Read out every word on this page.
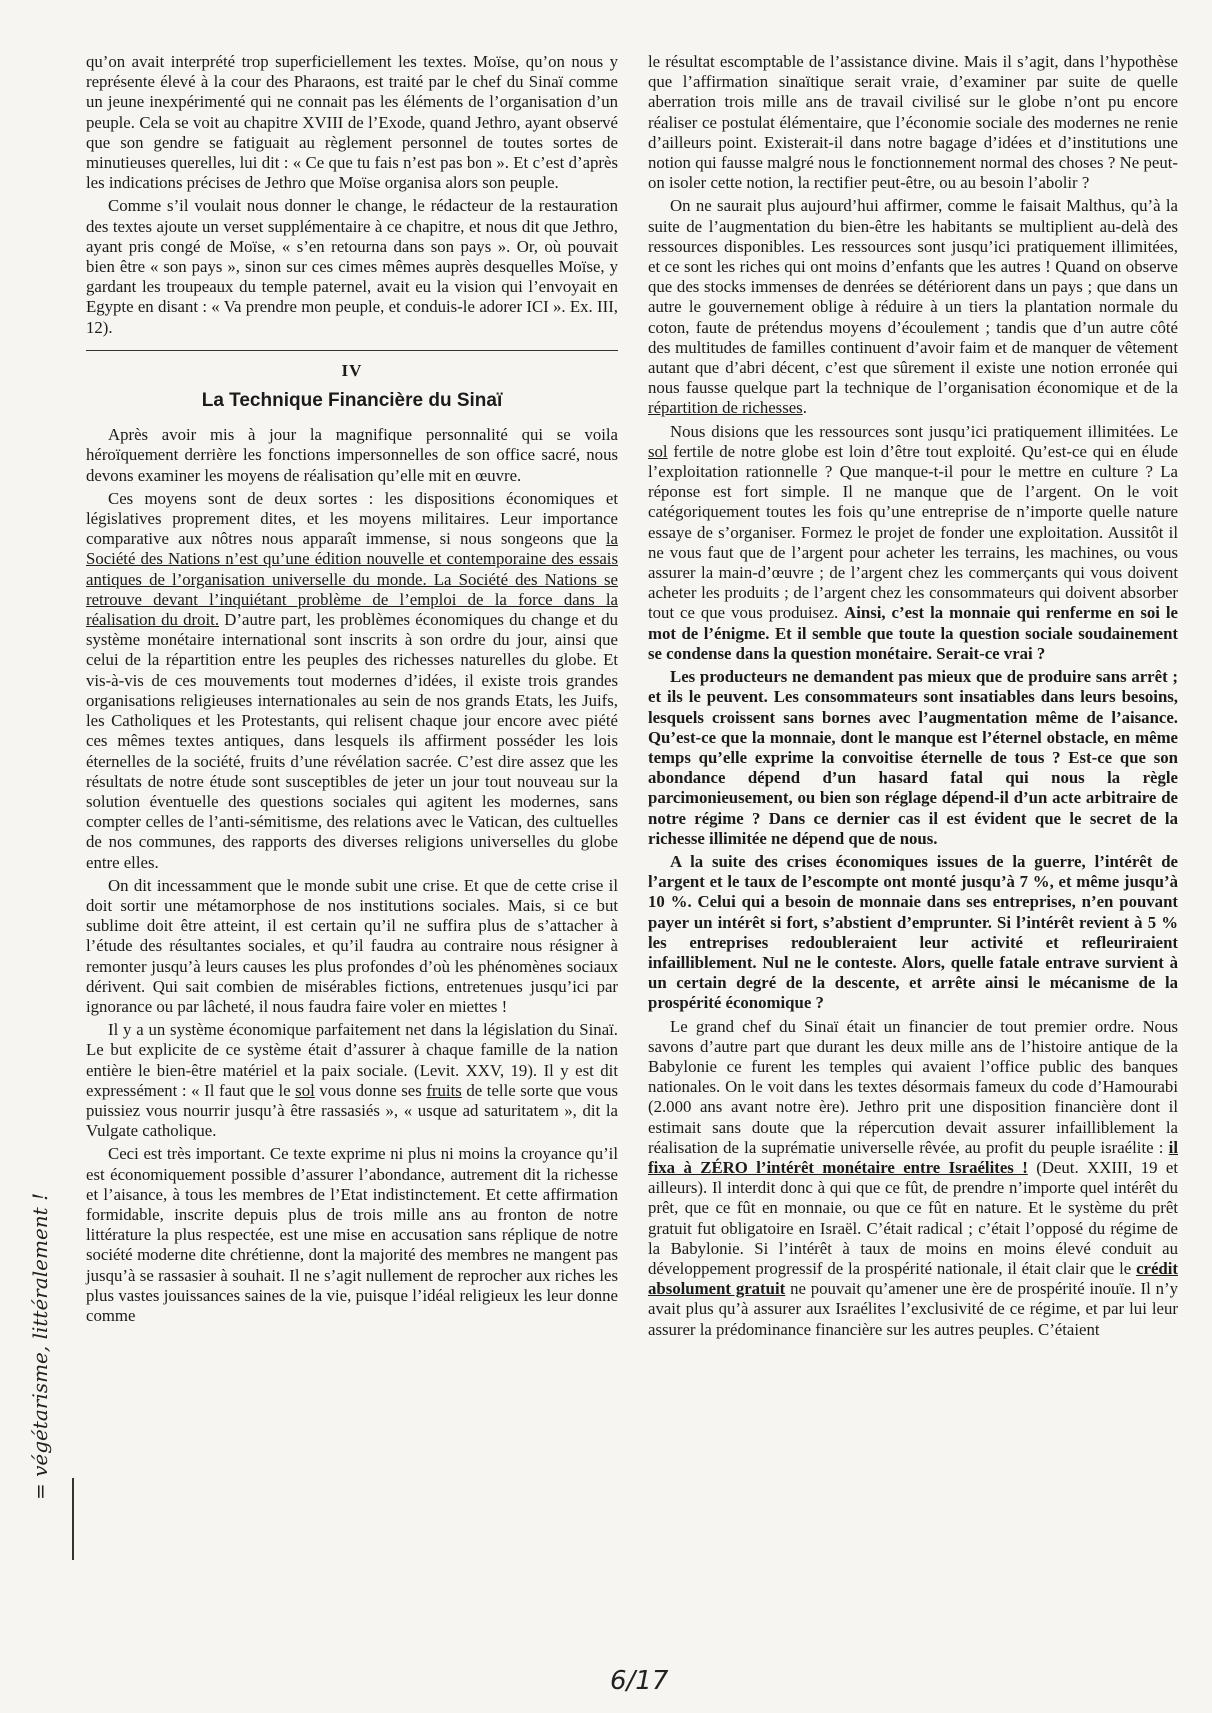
qu’on avait interprété trop superficiellement les textes. Moïse, qu’on nous y représente élevé à la cour des Pharaons, est traité par le chef du Sinaï comme un jeune inexpérimenté qui ne connait pas les éléments de l’organisation d’un peuple. Cela se voit au chapitre XVIII de l’Exode, quand Jethro, ayant observé que son gendre se fatiguait au règlement personnel de toutes sortes de minutieuses querelles, lui dit : « Ce que tu fais n’est pas bon ». Et c’est d’après les indications précises de Jethro que Moïse organisa alors son peuple.

Comme s’il voulait nous donner le change, le rédacteur de la restauration des textes ajoute un verset supplémentaire à ce chapitre, et nous dit que Jethro, ayant pris congé de Moïse, « s’en retourna dans son pays ». Or, où pouvait bien être « son pays », sinon sur ces cimes mêmes auprès desquelles Moïse, y gardant les troupeaux du temple paternel, avait eu la vision qui l’envoyait en Egypte en disant : « Va prendre mon peuple, et conduis-le adorer ICI ». Ex. III, 12).

IV
La Technique Financière du Sinaï

Après avoir mis à jour la magnifique personnalité qui se voila héroïquement derrière les fonctions impersonnelles de son office sacré, nous devons examiner les moyens de réalisation qu’elle mit en œuvre.

Ces moyens sont de deux sortes : les dispositions économiques et législatives proprement dites, et les moyens militaires. Leur importance comparative aux nôtres nous apparaît immense, si nous songeons que la Société des Nations n’est qu’une édition nouvelle et contemporaine des essais antiques de l’organisation universelle du monde. La Société des Nations se retrouve devant l’inquiétant problème de l’emploi de la force dans la réalisation du droit. D’autre part, les problèmes économiques du change et du système monétaire international sont inscrits à son ordre du jour, ainsi que celui de la répartition entre les peuples des richesses naturelles du globe. Et vis-à-vis de ces mouvements tout modernes d’idées, il existe trois grandes organisations religieuses internationales au sein de nos grands Etats, les Juifs, les Catholiques et les Protestants, qui relisent chaque jour encore avec piété ces mêmes textes antiques, dans lesquels ils affirment posséder les lois éternelles de la société, fruits d’une révélation sacrée. C’est dire assez que les résultats de notre étude sont susceptibles de jeter un jour tout nouveau sur la solution éventuelle des questions sociales qui agitent les modernes, sans compter celles de l’anti-sémitisme, des relations avec le Vatican, des cultuelles de nos communes, des rapports des diverses religions universelles du globe entre elles.

On dit incessamment que le monde subit une crise. Et que de cette crise il doit sortir une métamorphose de nos institutions sociales. Mais, si ce but sublime doit être atteint, il est certain qu’il ne suffira plus de s’attacher à l’étude des résultantes sociales, et qu’il faudra au contraire nous résigner à remonter jusqu’à leurs causes les plus profondes d’où les phénomènes sociaux dérivent. Qui sait combien de misérables fictions, entretenues jusqu’ici par ignorance ou par lâcheté, il nous faudra faire voler en miettes !

Il y a un système économique parfaitement net dans la législation du Sinaï. Le but explicite de ce système était d’assurer à chaque famille de la nation entière le bien-être matériel et la paix sociale. (Levit. XXV, 19). Il y est dit expressément : « Il faut que le sol vous donne ses fruits de telle sorte que vous puissiez vous nourrir jusqu’à être rassasiés », « usque ad saturitatem », dit la Vulgate catholique.

Ceci est très important. Ce texte exprime ni plus ni moins la croyance qu’il est économiquement possible d’assurer l’abondance, autrement dit la richesse et l’aisance, à tous les membres de l’Etat indistinctement. Et cette affirmation formidable, inscrite depuis plus de trois mille ans au fronton de notre littérature la plus respectée, est une mise en accusation sans réplique de notre société moderne dite chrétienne, dont la majorité des membres ne mangent pas jusqu’à se rassasier à souhait. Il ne s’agit nullement de reprocher aux riches les plus vastes jouissances saines de la vie, puisque l’idéal religieux les leur donne comme

le résultat escomptable de l’assistance divine. Mais il s’agit, dans l’hypothèse que l’affirmation sinaïtique serait vraie, d’examiner par suite de quelle aberration trois mille ans de travail civilisé sur le globe n’ont pu encore réaliser ce postulat élémentaire, que l’économie sociale des modernes ne renie d’ailleurs point. Existerait-il dans notre bagage d’idées et d’institutions une notion qui fausse malgré nous le fonctionnement normal des choses ? Ne peut-on isoler cette notion, la rectifier peut-être, ou au besoin l’abolir ?

On ne saurait plus aujourd’hui affirmer, comme le faisait Malthus, qu’à la suite de l’augmentation du bien-être les habitants se multiplient au-delà des ressources disponibles. Les ressources sont jusqu’ici pratiquement illimitées, et ce sont les riches qui ont moins d’enfants que les autres ! Quand on observe que des stocks immenses de denrées se détériorent dans un pays ; que dans un autre le gouvernement oblige à réduire à un tiers la plantation normale du coton, faute de prétendus moyens d’écoulement ; tandis que d’un autre côté des multitudes de familles continuent d’avoir faim et de manquer de vêtement autant que d’abri décent, c’est que sûrement il existe une notion erronée qui nous fausse quelque part la technique de l’organisation économique et de la répartition de richesses.

Nous disions que les ressources sont jusqu’ici pratiquement illimitées. Le sol fertile de notre globe est loin d’être tout exploité. Qu’est-ce qui en élude l’exploitation rationnelle ? Que manque-t-il pour le mettre en culture ? La réponse est fort simple. Il ne manque que de l’argent. On le voit catégoriquement toutes les fois qu’une entreprise de n’importe quelle nature essaye de s’organiser. Formez le projet de fonder une exploitation. Aussitôt il ne vous faut que de l’argent pour acheter les terrains, les machines, ou vous assurer la main-d’œuvre ; de l’argent chez les commerçants qui vous doivent acheter les produits ; de l’argent chez les consommateurs qui doivent absorber tout ce que vous produisez. Ainsi, c’est la monnaie qui renferme en soi le mot de l’énigme. Et il semble que toute la question sociale soudainement se condense dans la question monétaire. Serait-ce vrai ?

Les producteurs ne demandent pas mieux que de produire sans arrêt ; et ils le peuvent. Les consommateurs sont insatiables dans leurs besoins, lesquels croissent sans bornes avec l’augmentation même de l’aisance. Qu’est-ce que la monnaie, dont le manque est l’éternel obstacle, en même temps qu’elle exprime la convoitise éternelle de tous ? Est-ce que son abondance dépend d’un hasard fatal qui nous la règle parcimonieusement, ou bien son réglage dépend-il d’un acte arbitraire de notre régime ? Dans ce dernier cas il est évident que le secret de la richesse illimitée ne dépend que de nous.

A la suite des crises économiques issues de la guerre, l’intérêt de l’argent et le taux de l’escompte ont monté jusqu’à 7 %, et même jusqu’à 10 %. Celui qui a besoin de monnaie dans ses entreprises, n’en pouvant payer un intérêt si fort, s’abstient d’emprunter. Si l’intérêt revient à 5 % les entreprises redoubleraient leur activité et refleuriraient infailliblement. Nul ne le conteste. Alors, quelle fatale entrave survient à un certain degré de la descente, et arrête ainsi le mécanisme de la prospérité économique ?

Le grand chef du Sinaï était un financier de tout premier ordre. Nous savons d’autre part que durant les deux mille ans de l’histoire antique de la Babylonie ce furent les temples qui avaient l’office public des banques nationales. On le voit dans les textes désormais fameux du code d’Hamourabi (2.000 ans avant notre ère). Jethro prit une disposition financière dont il estimait sans doute que la répercution devait assurer infailliblement la réalisation de la suprématie universelle rêvée, au profit du peuple israélite : il fixa à ZÉRO l’intérêt monétaire entre Israélites ! (Deut. XXIII, 19 et ailleurs). Il interdit donc à qui que ce fût, de prendre n’importe quel intérêt du prêt, que ce fût en monnaie, ou que ce fût en nature. Et le système du prêt gratuit fut obligatoire en Israël. C’était radical ; c’était l’opposé du régime de la Babylonie. Si l’intérêt à taux de moins en moins élevé conduit au développement progressif de la prospérité nationale, il était clair que le crédit absolument gratuit ne pouvait qu’amener une ère de prospérité inouïe. Il n’y avait plus qu’à assurer aux Israélites l’exclusivité de ce régime, et par lui leur assurer la prédominance financière sur les autres peuples. C’étaient

= végétarisme, littéralement !
6/17
